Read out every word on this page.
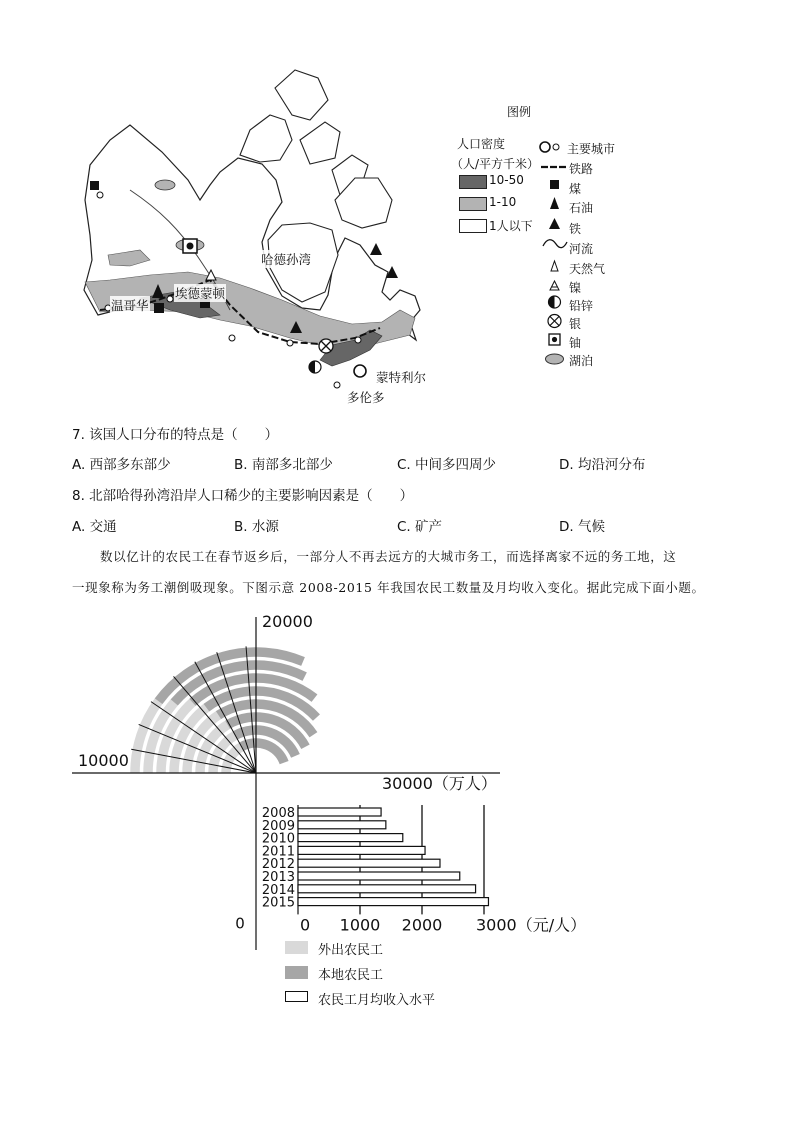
哈德孙湾
埃德蒙顿
温哥华
蒙特利尔
多伦多
图例
人口密度
（人/平方千米）
10-50
1-10
1人以下
主要城市
铁路
煤
石油
铁
河流
天然气
镍
铅锌
银
铀
湖泊
7. 该国人口分布的特点是（　　）
A. 西部多东部少	B. 南部多北部少	C. 中间多四周少	D. 均沿河分布
8. 北部哈得孙湾沿岸人口稀少的主要影响因素是（　　）
A. 交通	B. 水源	C. 矿产	D. 气候
数以亿计的农民工在春节返乡后，一部分人不再去远方的大城市务工，而选择离家不远的务工地，这
一现象称为务工潮倒吸现象。下图示意 2008-2015 年我国农民工数量及月均收入变化。据此完成下面小题。
20000
10000
30000（万人）
2008
2009
2010
2011
2012
2013
2014
2015
0 1000 2000 3000（元/人）
0
外出农民工
本地农民工
农民工月均收入水平
